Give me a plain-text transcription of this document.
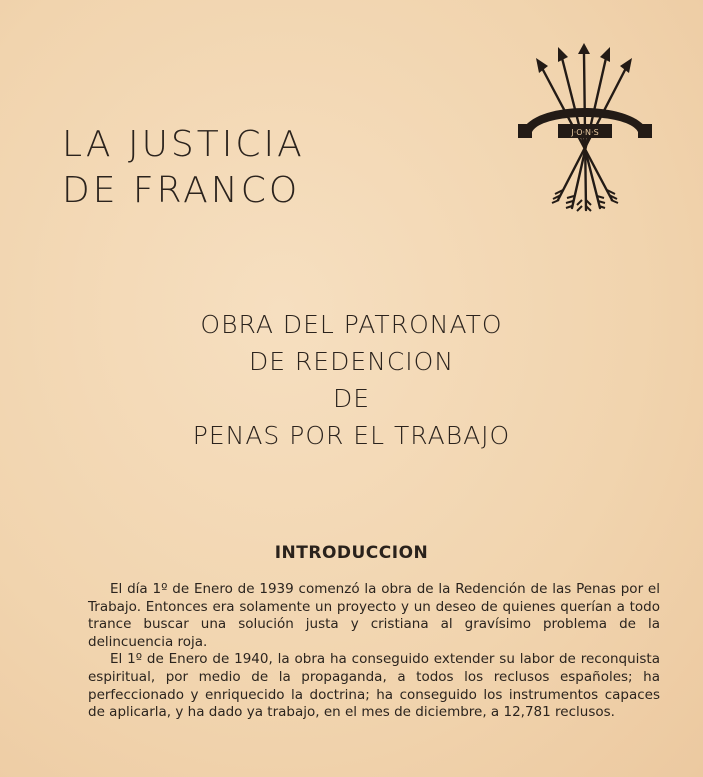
LA JUSTICIA
DE FRANCO
J·O·N·S
OBRA DEL PATRONATO
DE REDENCION
DE
PENAS POR EL TRABAJO
INTRODUCCION

El día 1º de Enero de 1939 comenzó la obra de la Redención de las Penas por el Trabajo. Entonces era solamente un proyecto y un deseo de quienes querían a todo trance buscar una solución justa y cristiana al gravísimo problema de la delincuencia roja.

El 1º de Enero de 1940, la obra ha conseguido extender su labor de reconquista espiritual, por medio de la propaganda, a todos los reclusos españoles; ha perfeccionado y enriquecido la doctrina; ha conseguido los instrumentos capaces de aplicarla, y ha dado ya trabajo, en el mes de diciembre, a 12,781 reclusos.
